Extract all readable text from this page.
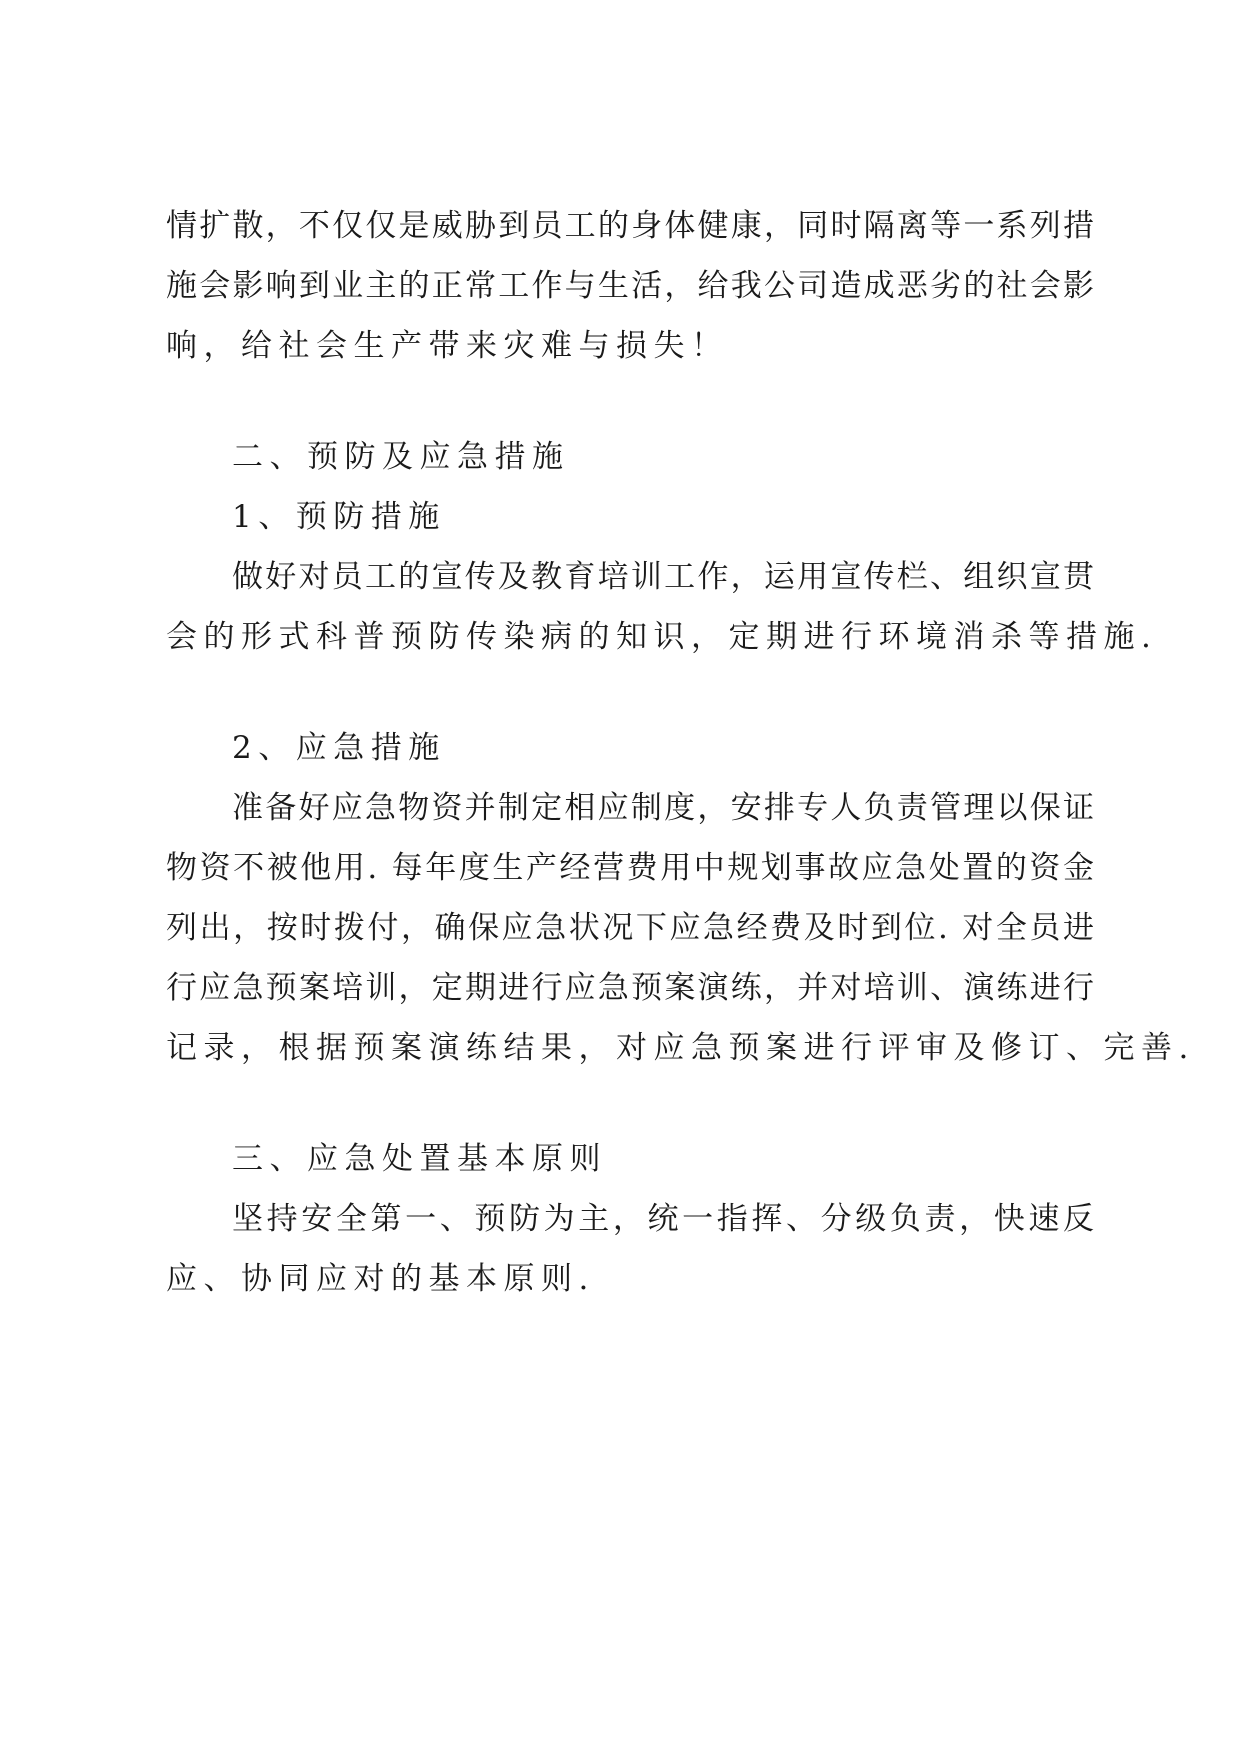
情扩散，不仅仅是威胁到员工的身体健康，同时隔离等一系列措
施会影响到业主的正常工作与生活，给我公司造成恶劣的社会影
响，给社会生产带来灾难与损失！
二、预防及应急措施
1、预防措施
做好对员工的宣传及教育培训工作，运用宣传栏、组织宣贯
会的形式科普预防传染病的知识，定期进行环境消杀等措施.
2、应急措施
准备好应急物资并制定相应制度，安排专人负责管理以保证
物资不被他用. 每年度生产经营费用中规划事故应急处置的资金
列出，按时拨付，确保应急状况下应急经费及时到位. 对全员进
行应急预案培训，定期进行应急预案演练，并对培训、演练进行
记录，根据预案演练结果，对应急预案进行评审及修订、完善.
三、应急处置基本原则
坚持安全第一、预防为主，统一指挥、分级负责，快速反
应、协同应对的基本原则.
